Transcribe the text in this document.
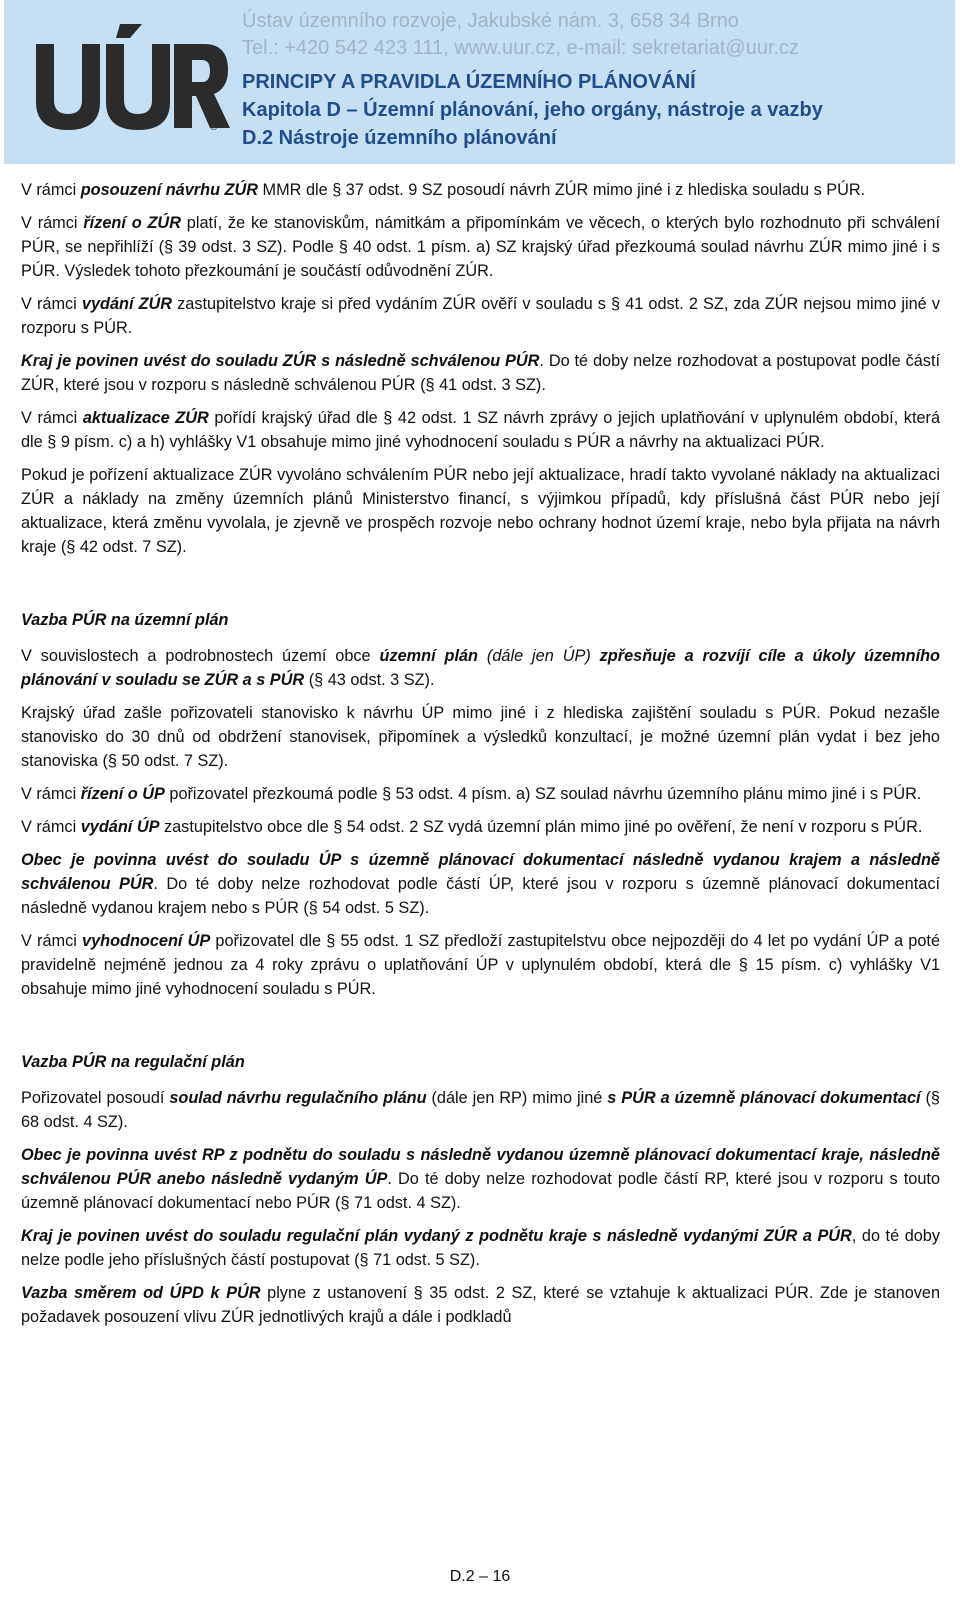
®
Ústav územního rozvoje, Jakubské nám. 3, 658 34 Brno
Tel.: +420 542 423 111, www.uur.cz, e-mail: sekretariat@uur.cz
PRINCIPY A PRAVIDLA ÚZEMNÍHO PLÁNOVÁNÍ
Kapitola D – Územní plánování, jeho orgány, nástroje a vazby
D.2 Nástroje územního plánování

V rámci posouzení návrhu ZÚR MMR dle § 37 odst. 9 SZ posoudí návrh ZÚR mimo jiné i z hlediska souladu s PÚR.

V rámci řízení o ZÚR platí, že ke stanoviskům, námitkám a připomínkám ve věcech, o kterých bylo rozhodnuto při schválení PÚR, se nepřihlíží (§ 39 odst. 3 SZ). Podle § 40 odst. 1 písm. a) SZ krajský úřad přezkoumá soulad návrhu ZÚR mimo jiné i s PÚR. Výsledek tohoto přezkoumání je součástí odůvodnění ZÚR.

V rámci vydání ZÚR zastupitelstvo kraje si před vydáním ZÚR ověří v souladu s § 41 odst. 2 SZ, zda ZÚR nejsou mimo jiné v rozporu s PÚR.

Kraj je povinen uvést do souladu ZÚR s následně schválenou PÚR. Do té doby nelze rozhodovat a postupovat podle částí ZÚR, které jsou v rozporu s následně schválenou PÚR (§ 41 odst. 3 SZ).

V rámci aktualizace ZÚR pořídí krajský úřad dle § 42 odst. 1 SZ návrh zprávy o jejich uplatňování v uplynulém období, která dle § 9 písm. c) a h) vyhlášky V1 obsahuje mimo jiné vyhodnocení souladu s PÚR a návrhy na aktualizaci PÚR.

Pokud je pořízení aktualizace ZÚR vyvoláno schválením PÚR nebo její aktualizace, hradí takto vyvolané náklady na aktualizaci ZÚR a náklady na změny územních plánů Ministerstvo financí, s výjimkou případů, kdy příslušná část PÚR nebo její aktualizace, která změnu vyvolala, je zjevně ve prospěch rozvoje nebo ochrany hodnot území kraje, nebo byla přijata na návrh kraje (§ 42 odst. 7 SZ).

Vazba PÚR na územní plán

V souvislostech a podrobnostech území obce územní plán (dále jen ÚP) zpřesňuje a rozvíjí cíle a úkoly územního plánování v souladu se ZÚR a s PÚR (§ 43 odst. 3 SZ).

Krajský úřad zašle pořizovateli stanovisko k návrhu ÚP mimo jiné i z hlediska zajištění souladu s PÚR. Pokud nezašle stanovisko do 30 dnů od obdržení stanovisek, připomínek a výsledků konzultací, je možné územní plán vydat i bez jeho stanoviska (§ 50 odst. 7 SZ).

V rámci řízení o ÚP pořizovatel přezkoumá podle § 53 odst. 4 písm. a) SZ soulad návrhu územního plánu mimo jiné i s PÚR.

V rámci vydání ÚP zastupitelstvo obce dle § 54 odst. 2 SZ vydá územní plán mimo jiné po ověření, že není v rozporu s PÚR.

Obec je povinna uvést do souladu ÚP s územně plánovací dokumentací následně vydanou krajem a následně schválenou PÚR. Do té doby nelze rozhodovat podle částí ÚP, které jsou v rozporu s územně plánovací dokumentací následně vydanou krajem nebo s PÚR (§ 54 odst. 5 SZ).

V rámci vyhodnocení ÚP pořizovatel dle § 55 odst. 1 SZ předloží zastupitelstvu obce nejpozději do 4 let po vydání ÚP a poté pravidelně nejméně jednou za 4 roky zprávu o uplatňování ÚP v uplynulém období, která dle § 15 písm. c) vyhlášky V1 obsahuje mimo jiné vyhodnocení souladu s PÚR.

Vazba PÚR na regulační plán

Pořizovatel posoudí soulad návrhu regulačního plánu (dále jen RP) mimo jiné s PÚR a územně plánovací dokumentací (§ 68 odst. 4 SZ).

Obec je povinna uvést RP z podnětu do souladu s následně vydanou územně plánovací dokumentací kraje, následně schválenou PÚR anebo následně vydaným ÚP. Do té doby nelze rozhodovat podle částí RP, které jsou v rozporu s touto územně plánovací dokumentací nebo PÚR (§ 71 odst. 4 SZ).

Kraj je povinen uvést do souladu regulační plán vydaný z podnětu kraje s následně vydanými ZÚR a PÚR, do té doby nelze podle jeho příslušných částí postupovat (§ 71 odst. 5 SZ).

Vazba směrem od ÚPD k PÚR plyne z ustanovení § 35 odst. 2 SZ, které se vztahuje k aktualizaci PÚR. Zde je stanoven požadavek posouzení vlivu ZÚR jednotlivých krajů a dále i podkladů

D.2 – 16
